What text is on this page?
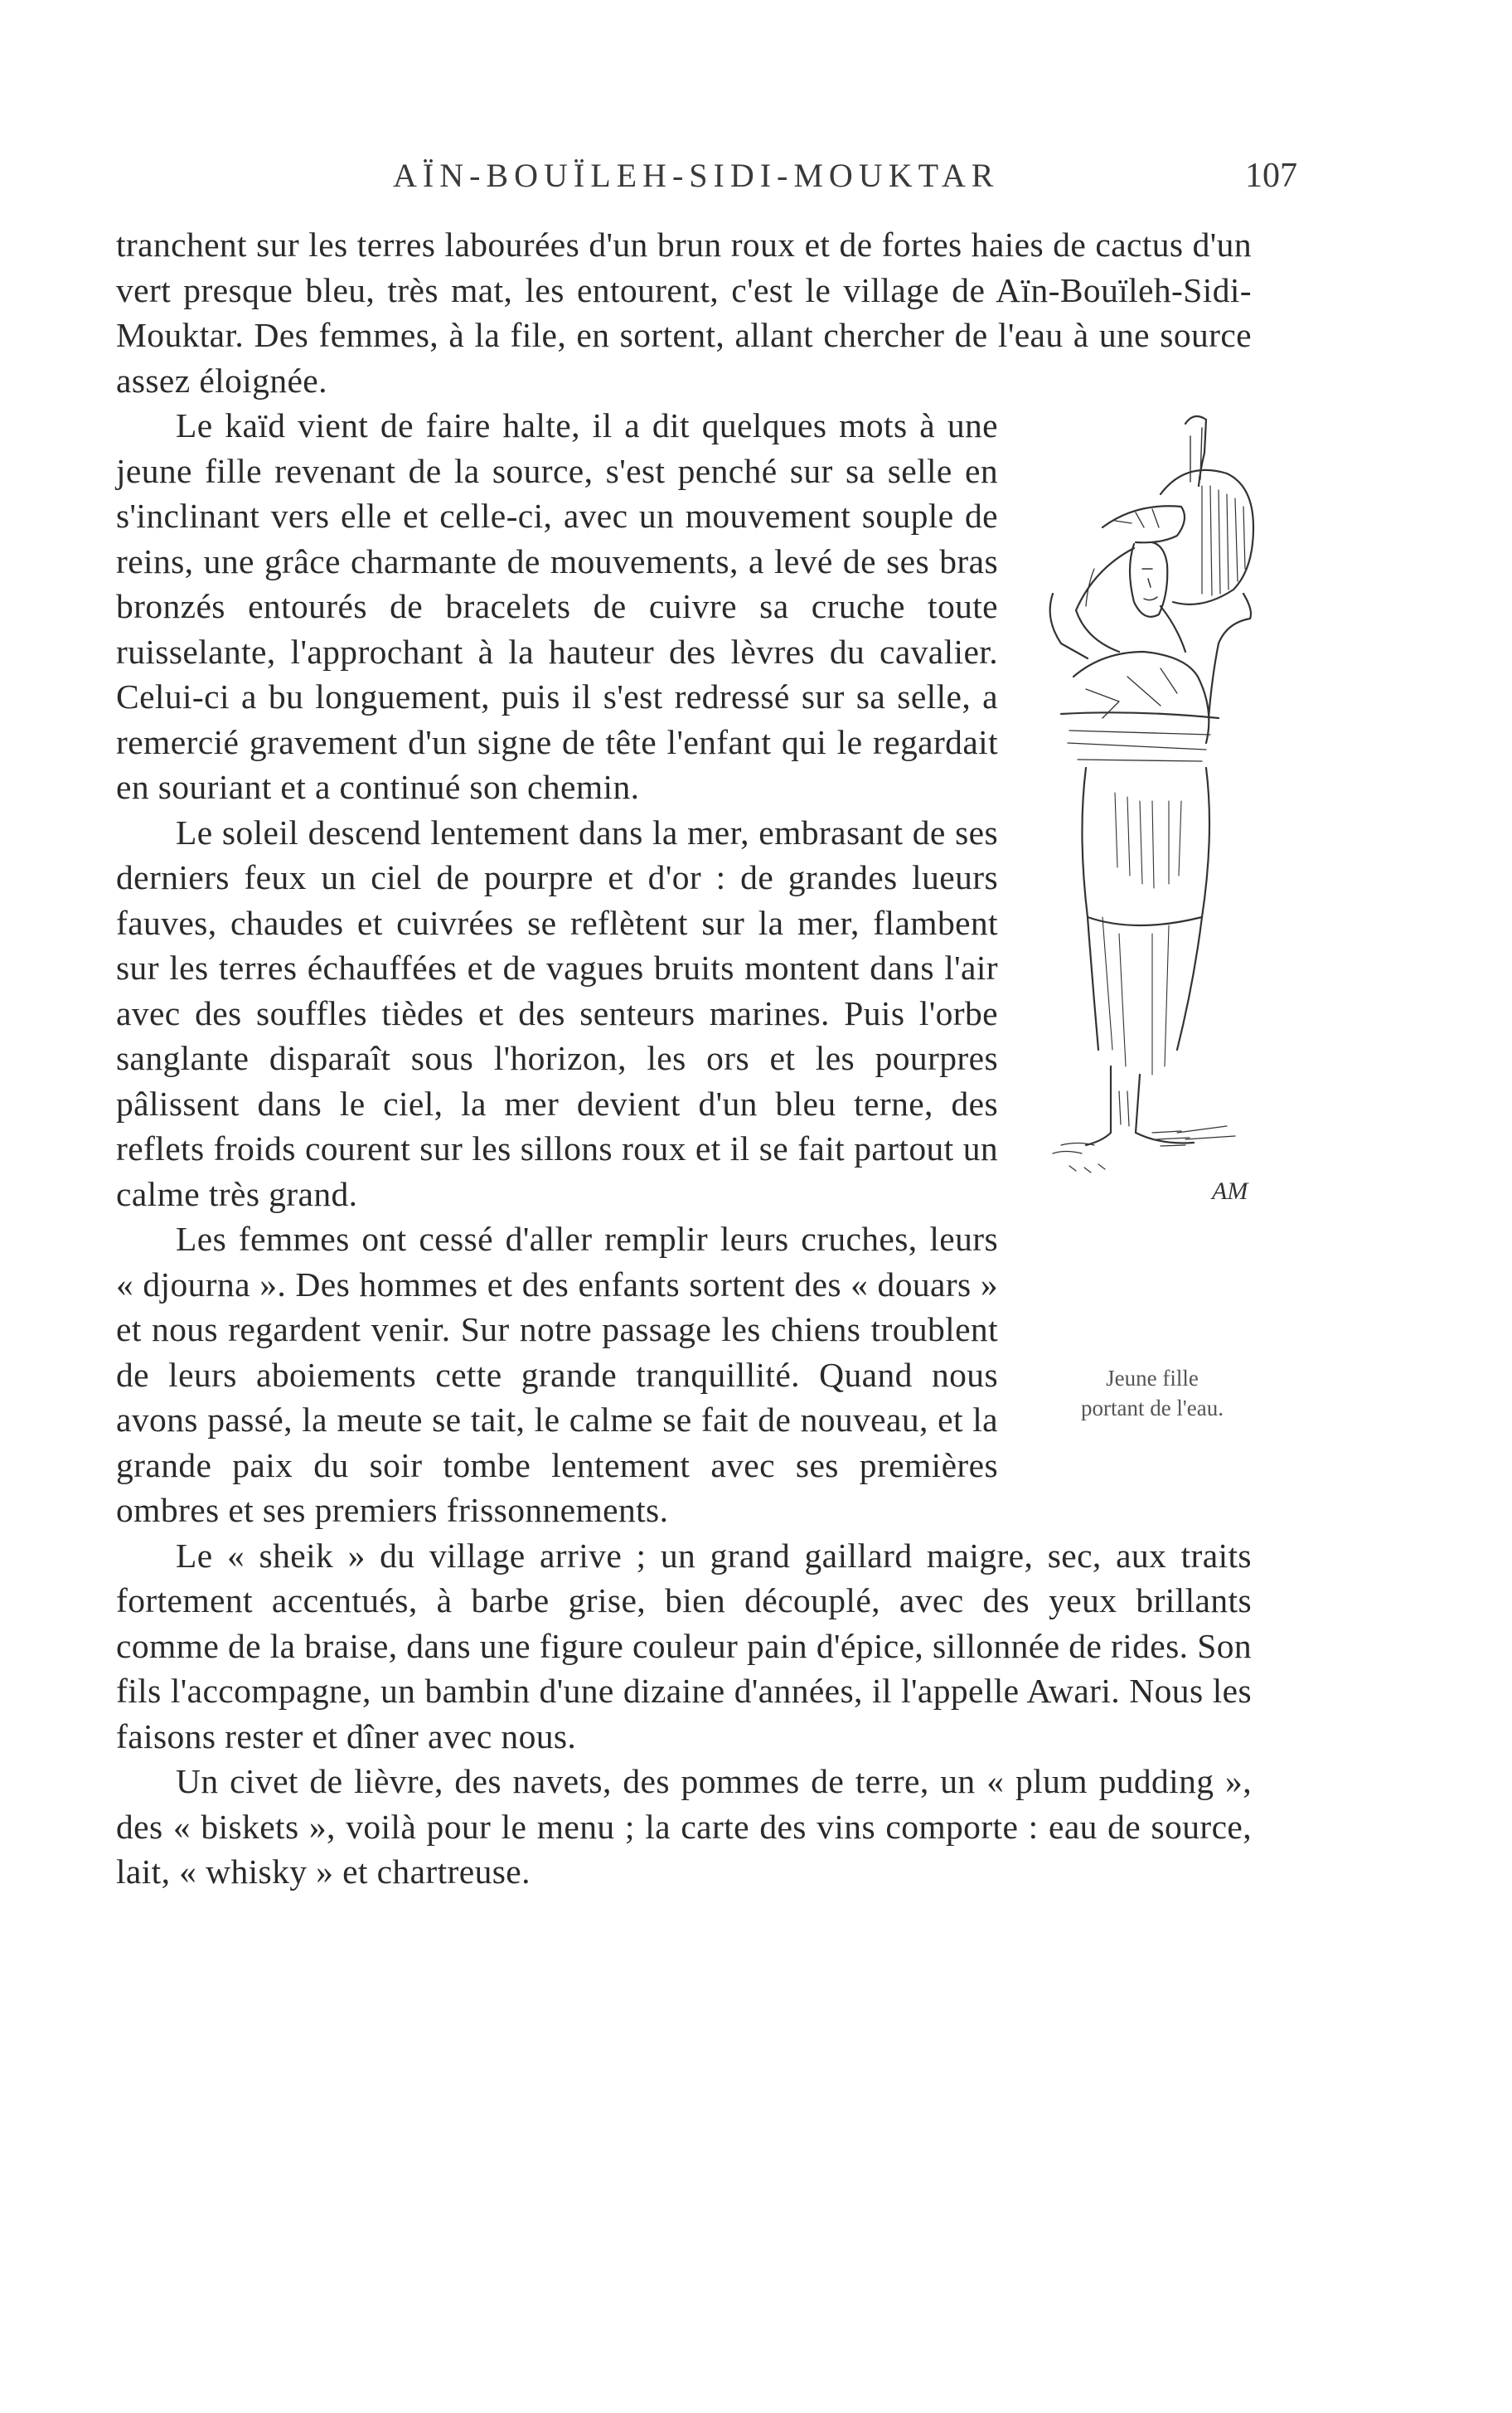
AÏN-BOUÏLEH-SIDI-MOUKTAR	107

tranchent sur les terres labourées d'un brun roux et de fortes haies de cactus d'un vert presque bleu, très mat, les entourent, c'est le village de Aïn-Bouïleh-Sidi-Mouktar. Des femmes, à la file, en sortent, allant chercher de l'eau à une source assez éloignée.

AM
Jeune fille
portant de l'eau.

Le kaïd vient de faire halte, il a dit quelques mots à une jeune fille revenant de la source, s'est penché sur sa selle en s'inclinant vers elle et celle-ci, avec un mouvement souple de reins, une grâce charmante de mouvements, a levé de ses bras bronzés entourés de bracelets de cuivre sa cruche toute ruisselante, l'approchant à la hauteur des lèvres du cavalier. Celui-ci a bu longuement, puis il s'est redressé sur sa selle, a remercié gravement d'un signe de tête l'enfant qui le regardait en souriant et a continué son chemin.

Le soleil descend lentement dans la mer, embrasant de ses derniers feux un ciel de pourpre et d'or : de grandes lueurs fauves, chaudes et cuivrées se reflètent sur la mer, flambent sur les terres échauffées et de vagues bruits montent dans l'air avec des souffles tièdes et des senteurs marines. Puis l'orbe sanglante disparaît sous l'horizon, les ors et les pourpres pâlissent dans le ciel, la mer devient d'un bleu terne, des reflets froids courent sur les sillons roux et il se fait partout un calme très grand.

Les femmes ont cessé d'aller remplir leurs cruches, leurs « djourna ». Des hommes et des enfants sortent des « douars » et nous regardent venir. Sur notre passage les chiens troublent de leurs aboiements cette grande tranquillité. Quand nous avons passé, la meute se tait, le calme se fait de nouveau, et la grande paix du soir tombe lentement avec ses premières ombres et ses premiers frissonnements.

Le « sheik » du village arrive ; un grand gaillard maigre, sec, aux traits fortement accentués, à barbe grise, bien découplé, avec des yeux brillants comme de la braise, dans une figure couleur pain d'épice, sillonnée de rides. Son fils l'accompagne, un bambin d'une dizaine d'années, il l'appelle Awari. Nous les faisons rester et dîner avec nous.

Un civet de lièvre, des navets, des pommes de terre, un « plum pudding », des « biskets », voilà pour le menu ; la carte des vins comporte : eau de source, lait, « whisky » et chartreuse.
